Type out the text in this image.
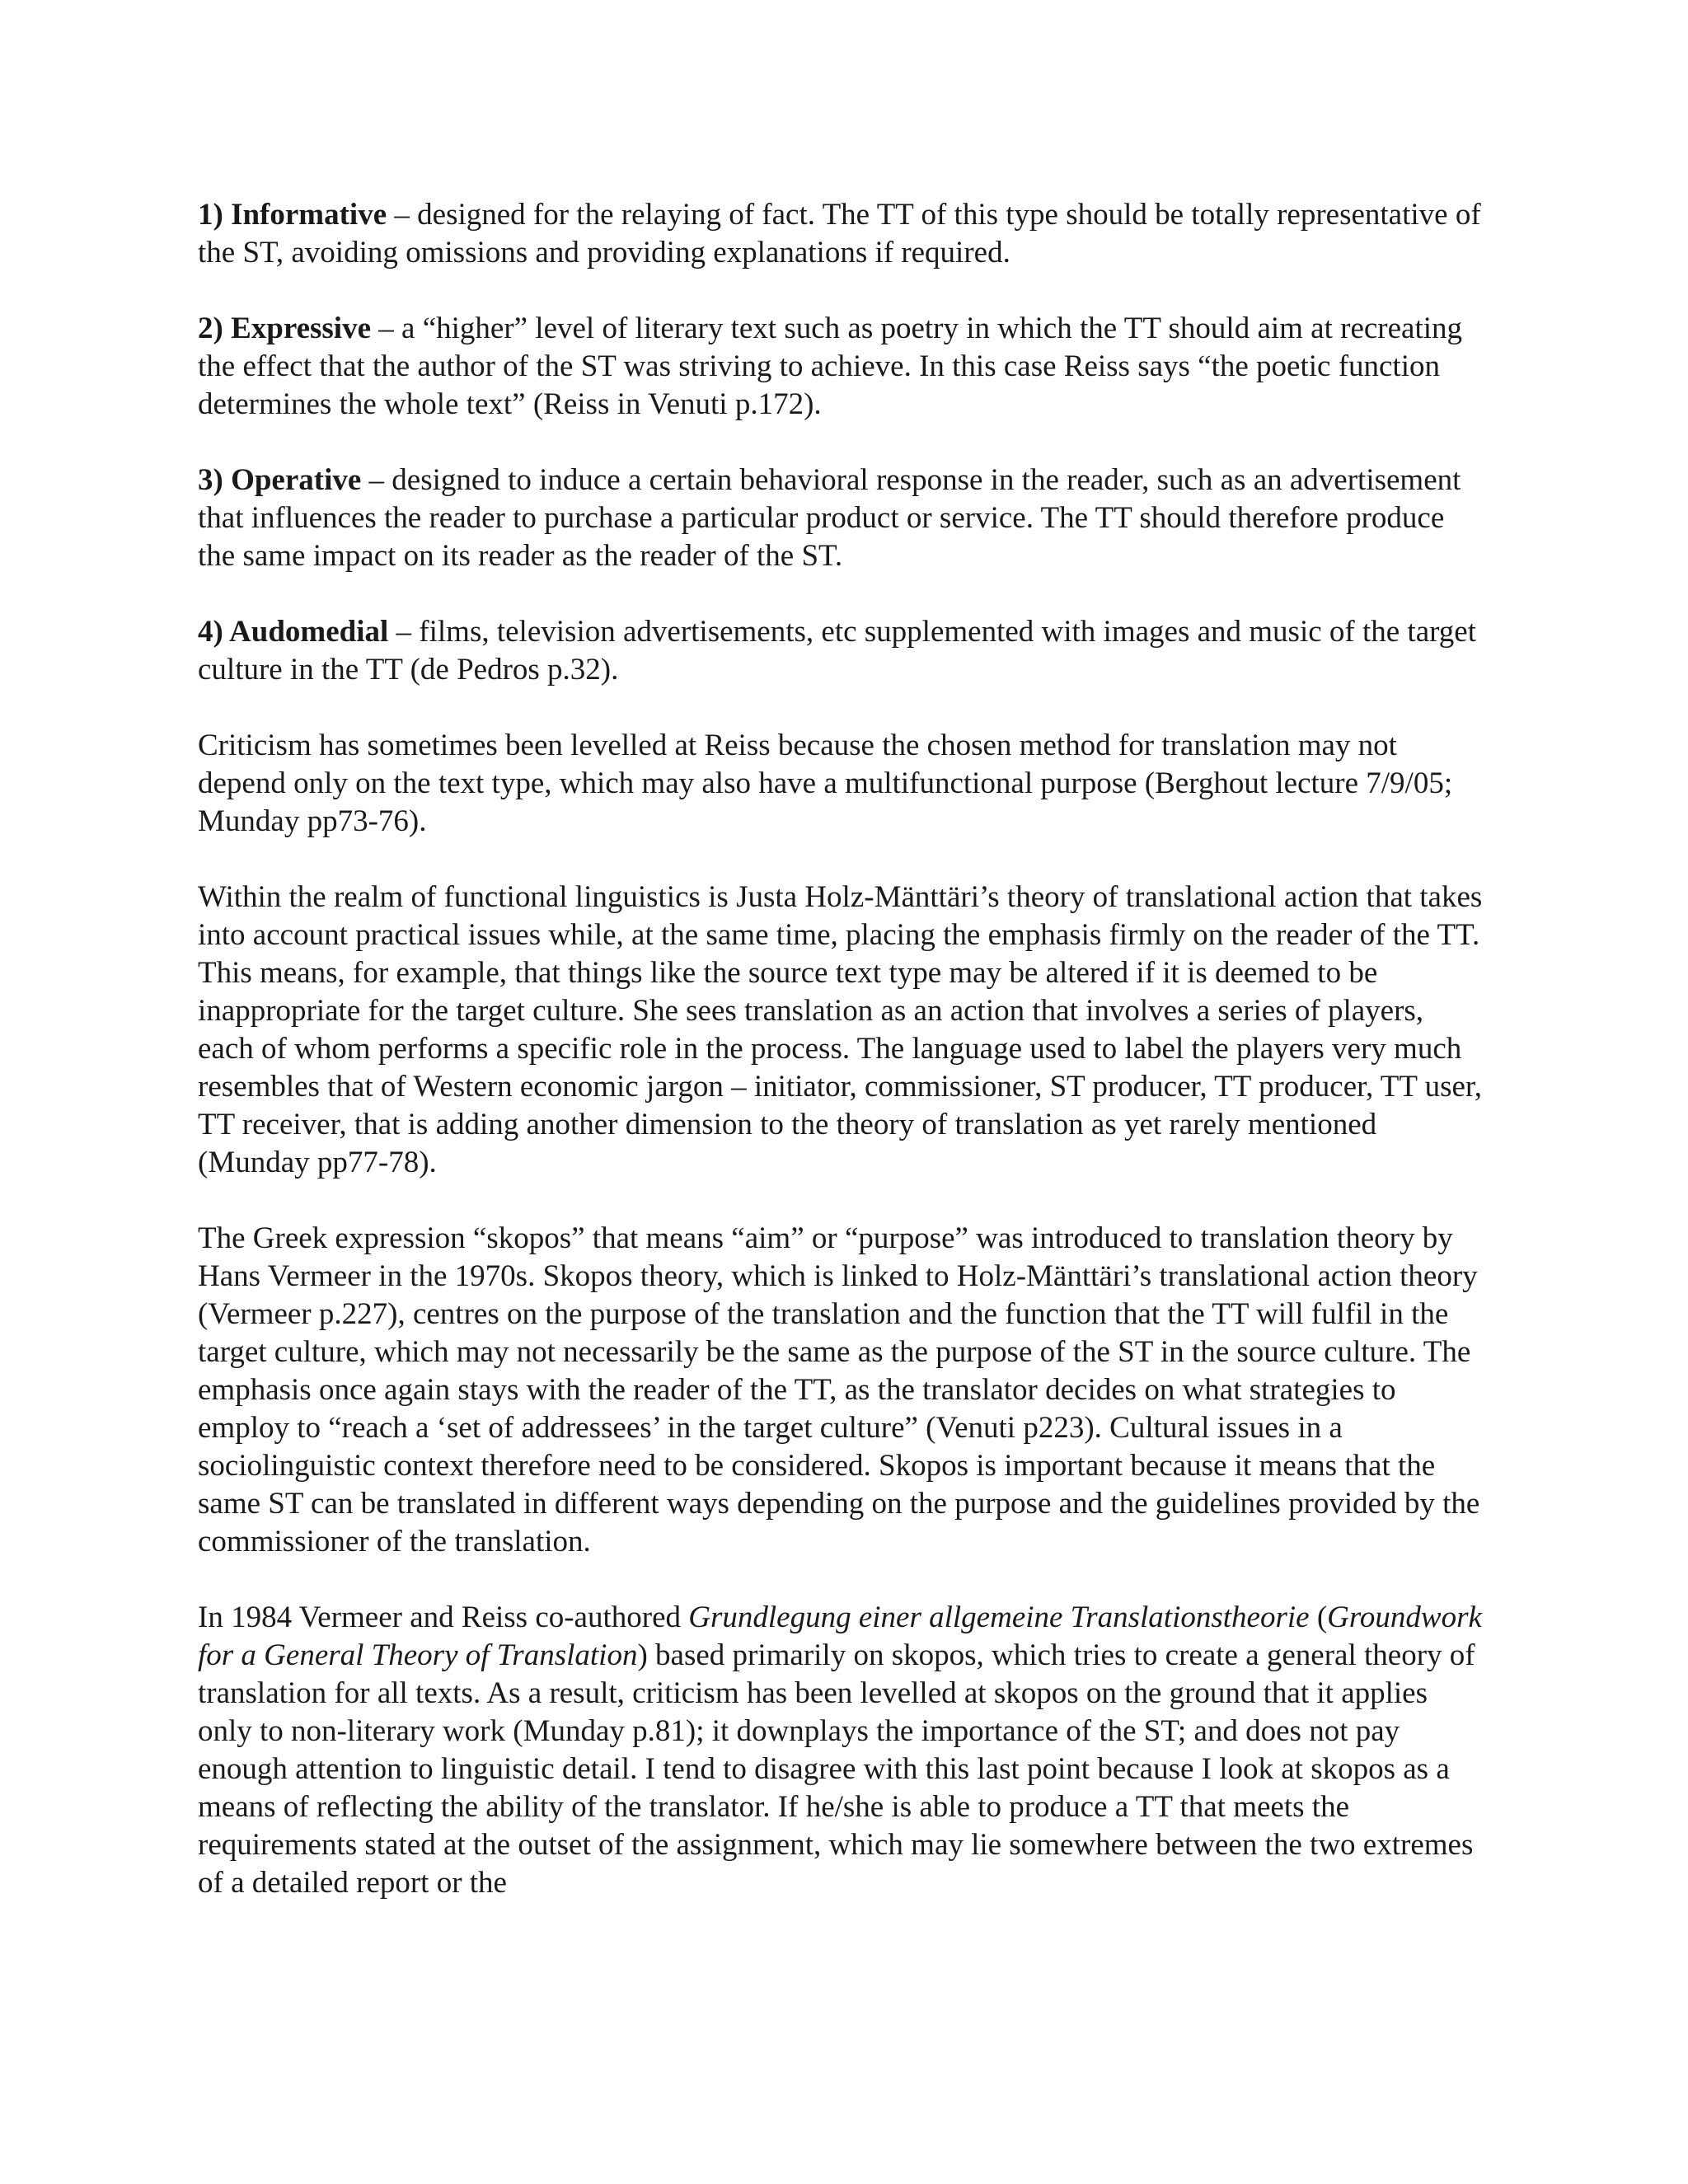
1) Informative – designed for the relaying of fact. The TT of this type should be totally representative of the ST, avoiding omissions and providing explanations if required.

2) Expressive – a “higher” level of literary text such as poetry in which the TT should aim at recreating the effect that the author of the ST was striving to achieve. In this case Reiss says “the poetic function determines the whole text” (Reiss in Venuti p.172).

3) Operative – designed to induce a certain behavioral response in the reader, such as an advertisement that influences the reader to purchase a particular product or service. The TT should therefore produce the same impact on its reader as the reader of the ST.

4) Audomedial – films, television advertisements, etc supplemented with images and music of the target culture in the TT (de Pedros p.32).

Criticism has sometimes been levelled at Reiss because the chosen method for translation may not depend only on the text type, which may also have a multifunctional purpose (Berghout lecture 7/9/05; Munday pp73-76).

Within the realm of functional linguistics is Justa Holz-Mänttäri’s theory of translational action that takes into account practical issues while, at the same time, placing the emphasis firmly on the reader of the TT. This means, for example, that things like the source text type may be altered if it is deemed to be inappropriate for the target culture. She sees translation as an action that involves a series of players, each of whom performs a specific role in the process. The language used to label the players very much resembles that of Western economic jargon – initiator, commissioner, ST producer, TT producer, TT user, TT receiver, that is adding another dimension to the theory of translation as yet rarely mentioned (Munday pp77-78).

The Greek expression “skopos” that means “aim” or “purpose” was introduced to translation theory by Hans Vermeer in the 1970s. Skopos theory, which is linked to Holz-Mänttäri’s translational action theory (Vermeer p.227), centres on the purpose of the translation and the function that the TT will fulfil in the target culture, which may not necessarily be the same as the purpose of the ST in the source culture. The emphasis once again stays with the reader of the TT, as the translator decides on what strategies to employ to “reach a ‘set of addressees’ in the target culture” (Venuti p223). Cultural issues in a sociolinguistic context therefore need to be considered. Skopos is important because it means that the same ST can be translated in different ways depending on the purpose and the guidelines provided by the commissioner of the translation.

In 1984 Vermeer and Reiss co-authored Grundlegung einer allgemeine Translationstheorie (Groundwork for a General Theory of Translation) based primarily on skopos, which tries to create a general theory of translation for all texts. As a result, criticism has been levelled at skopos on the ground that it applies only to non-literary work (Munday p.81); it downplays the importance of the ST; and does not pay enough attention to linguistic detail. I tend to disagree with this last point because I look at skopos as a means of reflecting the ability of the translator. If he/she is able to produce a TT that meets the requirements stated at the outset of the assignment, which may lie somewhere between the two extremes of a detailed report or the
